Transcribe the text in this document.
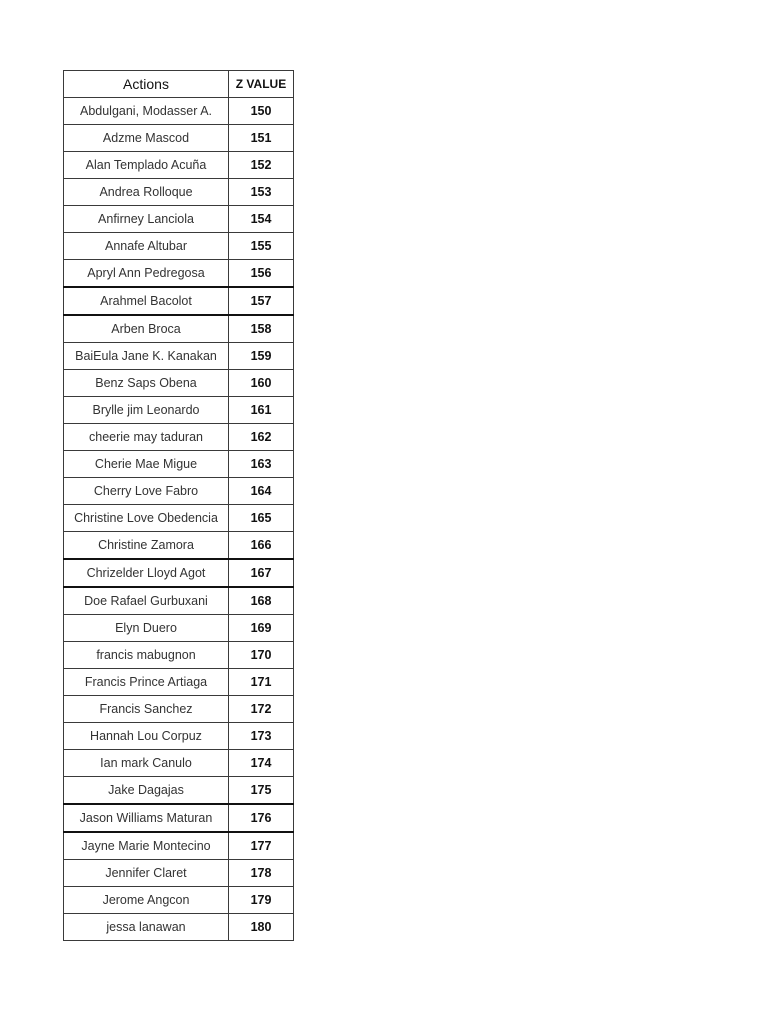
Actions	Z VALUE
Abdulgani, Modasser A.	150
Adzme Mascod	151
Alan Templado Acuña	152
Andrea Rolloque	153
Anfirney Lanciola	154
Annafe Altubar	155
Apryl Ann Pedregosa	156
Arahmel Bacolot	157
Arben Broca	158
BaiEula Jane K. Kanakan	159
Benz Saps Obena	160
Brylle jim Leonardo	161
cheerie may taduran	162
Cherie Mae Migue	163
Cherry Love Fabro	164
Christine Love Obedencia	165
Christine Zamora	166
Chrizelder Lloyd Agot	167
Doe Rafael Gurbuxani	168
Elyn Duero	169
francis mabugnon	170
Francis Prince Artiaga	171
Francis Sanchez	172
Hannah Lou Corpuz	173
Ian mark Canulo	174
Jake Dagajas	175
Jason Williams Maturan	176
Jayne Marie Montecino	177
Jennifer Claret	178
Jerome Angcon	179
jessa lanawan	180
